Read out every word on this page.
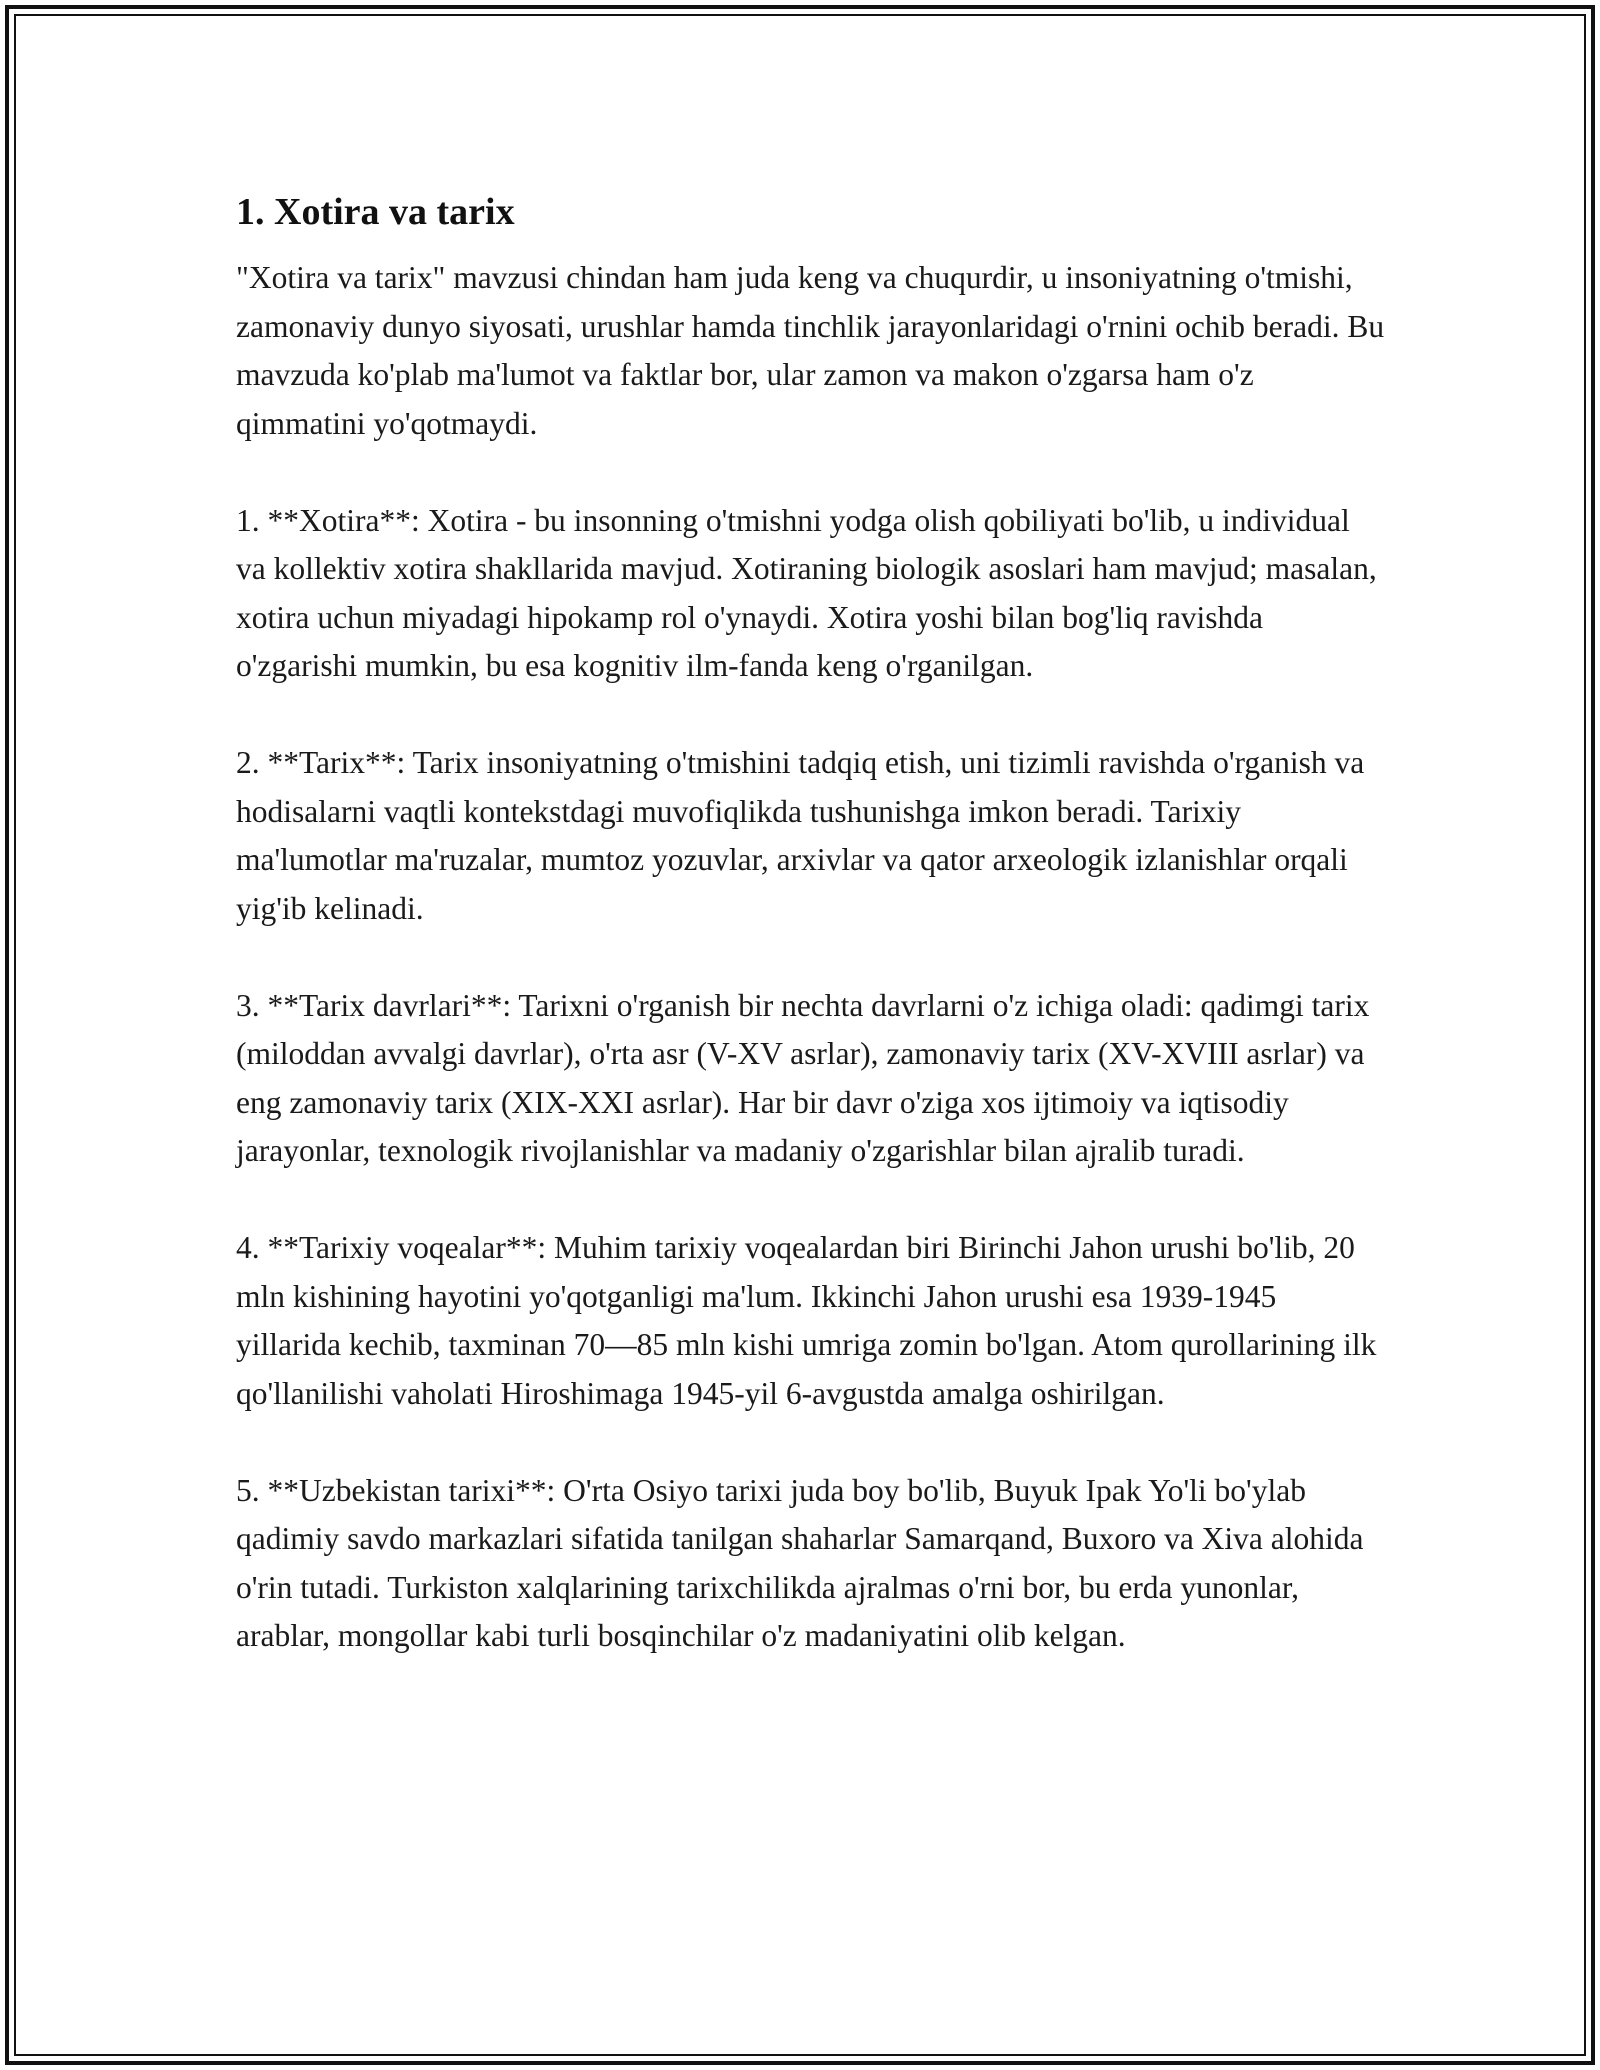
1. Xotira va tarix

"Xotira va tarix" mavzusi chindan ham juda keng va chuqurdir, u insoniyatning o'tmishi, zamonaviy dunyo siyosati, urushlar hamda tinchlik jarayonlaridagi o'rnini ochib beradi. Bu mavzuda ko'plab ma'lumot va faktlar bor, ular zamon va makon o'zgarsa ham o'z qimmatini yo'qotmaydi.

1. **Xotira**: Xotira - bu insonning o'tmishni yodga olish qobiliyati bo'lib, u individual va kollektiv xotira shakllarida mavjud. Xotiraning biologik asoslari ham mavjud; masalan, xotira uchun miyadagi hipokamp rol o'ynaydi. Xotira yoshi bilan bog'liq ravishda o'zgarishi mumkin, bu esa kognitiv ilm-fanda keng o'rganilgan.

2. **Tarix**: Tarix insoniyatning o'tmishini tadqiq etish, uni tizimli ravishda o'rganish va hodisalarni vaqtli kontekstdagi muvofiqlikda tushunishga imkon beradi. Tarixiy ma'lumotlar ma'ruzalar, mumtoz yozuvlar, arxivlar va qator arxeologik izlanishlar orqali yig'ib kelinadi.

3. **Tarix davrlari**: Tarixni o'rganish bir nechta davrlarni o'z ichiga oladi: qadimgi tarix (miloddan avvalgi davrlar), o'rta asr (V-XV asrlar), zamonaviy tarix (XV-XVIII asrlar) va eng zamonaviy tarix (XIX-XXI asrlar). Har bir davr o'ziga xos ijtimoiy va iqtisodiy jarayonlar, texnologik rivojlanishlar va madaniy o'zgarishlar bilan ajralib turadi.

4. **Tarixiy voqealar**: Muhim tarixiy voqealardan biri Birinchi Jahon urushi bo'lib, 20 mln kishining hayotini yo'qotganligi ma'lum. Ikkinchi Jahon urushi esa 1939-1945 yillarida kechib, taxminan 70—85 mln kishi umriga zomin bo'lgan. Atom qurollarining ilk qo'llanilishi vaholati Hiroshimaga 1945-yil 6-avgustda amalga oshirilgan.

5. **Uzbekistan tarixi**: O'rta Osiyo tarixi juda boy bo'lib, Buyuk Ipak Yo'li bo'ylab qadimiy savdo markazlari sifatida tanilgan shaharlar Samarqand, Buxoro va Xiva alohida o'rin tutadi. Turkiston xalqlarining tarixchilikda ajralmas o'rni bor, bu erda yunonlar, arablar, mongollar kabi turli bosqinchilar o'z madaniyatini olib kelgan.
